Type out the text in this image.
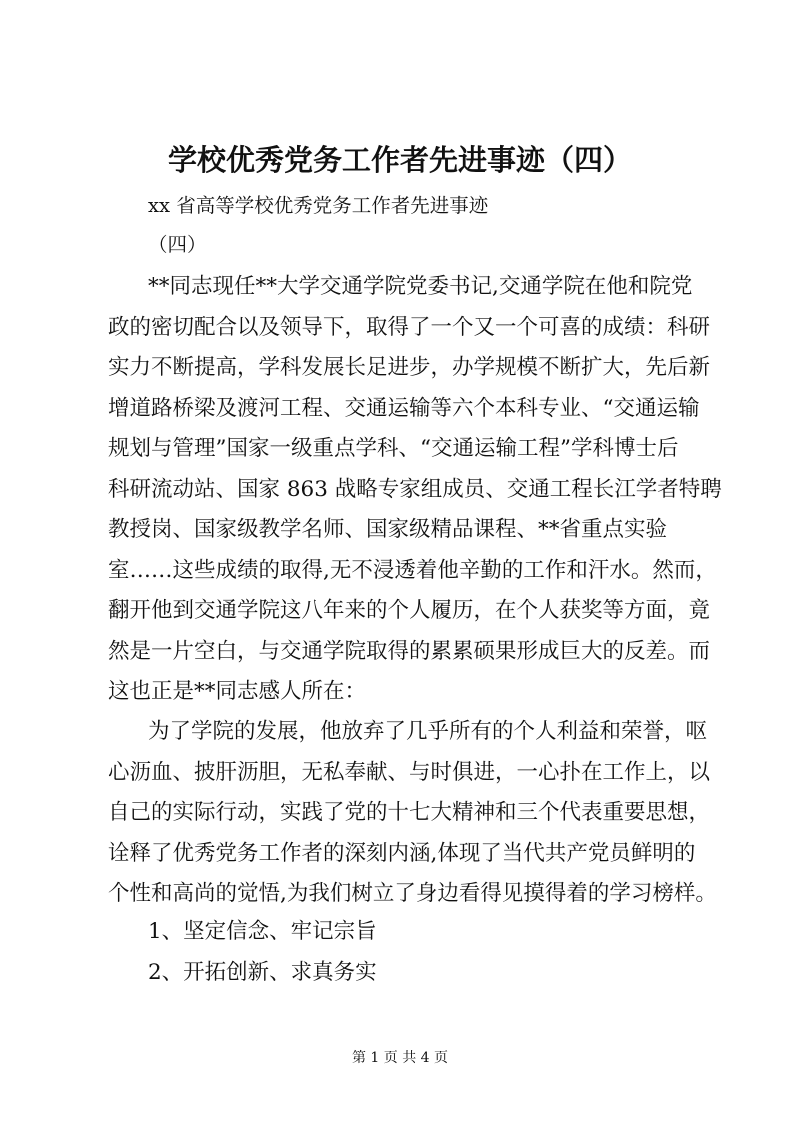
学校优秀党务工作者先进事迹（四）
xx 省高等学校优秀党务工作者先进事迹
（四）
**同志现任**大学交通学院党委书记,交通学院在他和院党
政的密切配合以及领导下，取得了一个又一个可喜的成绩：科研
实力不断提高，学科发展长足进步，办学规模不断扩大，先后新
增道路桥梁及渡河工程、交通运输等六个本科专业、“交通运输
规划与管理”国家一级重点学科、“交通运输工程”学科博士后
科研流动站、国家 863 战略专家组成员、交通工程长江学者特聘
教授岗、国家级教学名师、国家级精品课程、**省重点实验
室……这些成绩的取得,无不浸透着他辛勤的工作和汗水。然而，
翻开他到交通学院这八年来的个人履历，在个人获奖等方面，竟
然是一片空白，与交通学院取得的累累硕果形成巨大的反差。而
这也正是**同志感人所在：
　　为了学院的发展，他放弃了几乎所有的个人利益和荣誉，呕
心沥血、披肝沥胆，无私奉献、与时俱进，一心扑在工作上，以
自己的实际行动，实践了党的十七大精神和三个代表重要思想，
诠释了优秀党务工作者的深刻内涵,体现了当代共产党员鲜明的
个性和高尚的觉悟,为我们树立了身边看得见摸得着的学习榜样。
1、坚定信念、牢记宗旨
2、开拓创新、求真务实
第 1 页 共 4 页
